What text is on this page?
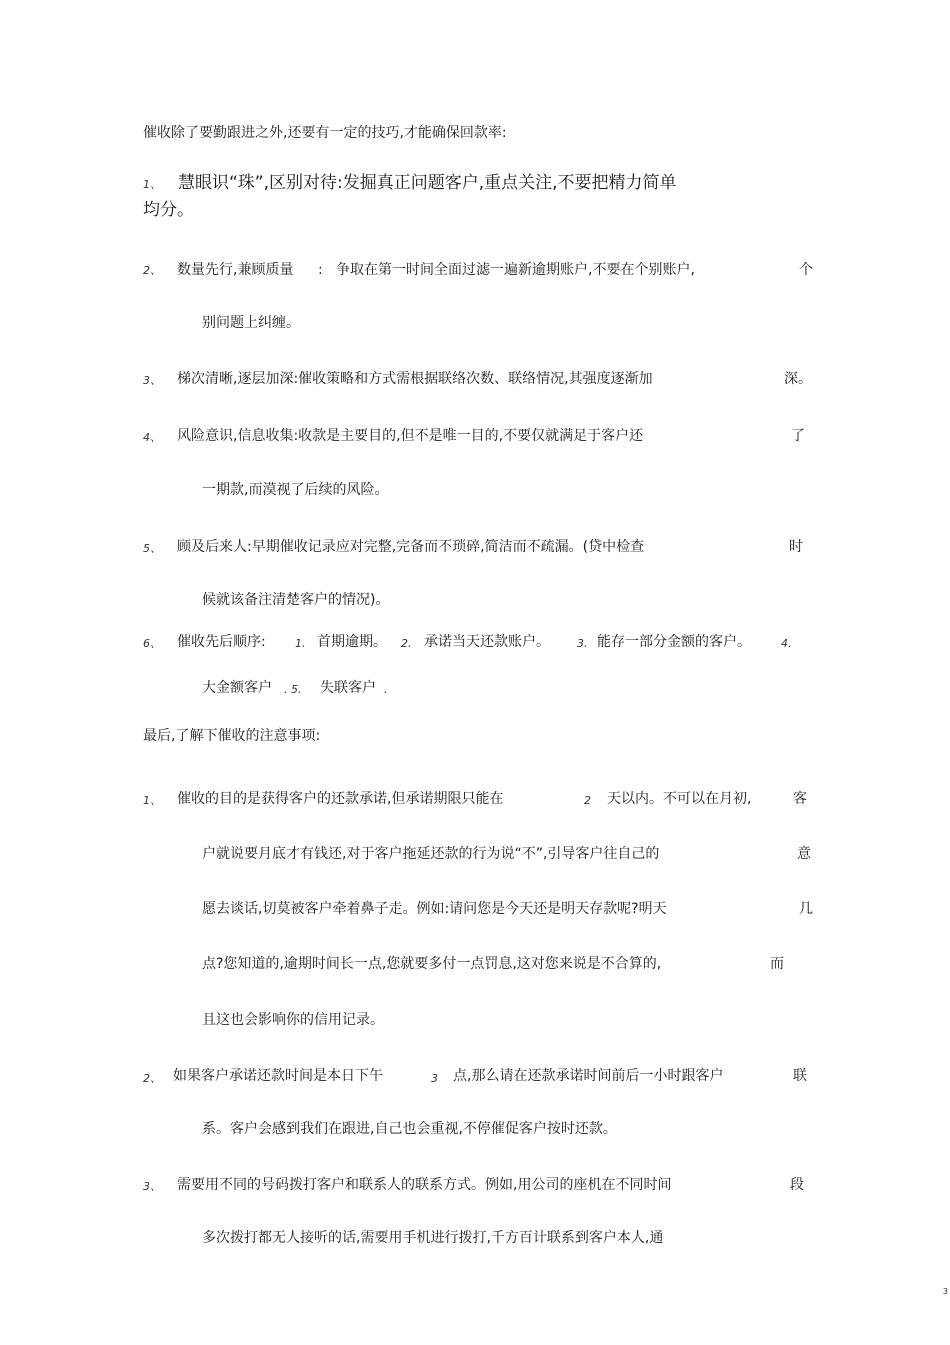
催收除了要勤跟进之外,还要有一定的技巧,才能确保回款率:
1、 慧眼识“珠”,区别对待:发掘真正问题客户,重点关注,不要把精力简单
均分。
2、 数量先行,兼顾质量 : 争取在第一时间全面过滤一遍新逾期账户,不要在个别账户,	个
别问题上纠缠。
3、 梯次清晰,逐层加深:催收策略和方式需根据联络次数、联络情况,其强度逐渐加	深。
4、 风险意识,信息收集:收款是主要目的,但不是唯一目的,不要仅就满足于客户还	了
一期款,而漠视了后续的风险。
5、 顾及后来人:早期催收记录应对完整,完备而不琐碎,简洁而不疏漏。(贷中检查	时
候就该备注清楚客户的情况)。
6、 催收先后顺序:	1. 首期逾期。 2. 承诺当天还款账户。 3. 能存一部分金额的客户。	4.
大金额客户 . 5. 失联客户 .
最后,了解下催收的注意事项:
1、 催收的目的是获得客户的还款承诺,但承诺期限只能在	2 天以内。不可以在月初,	客
户就说要月底才有钱还,对于客户拖延还款的行为说“不”,引导客户往自己的	意
愿去谈话,切莫被客户牵着鼻子走。例如:请问您是今天还是明天存款呢?明天	几
点?您知道的,逾期时间长一点,您就要多付一点罚息,这对您来说是不合算的,	而
且这也会影响你的信用记录。
2、 如果客户承诺还款时间是本日下午	3 点,那么请在还款承诺时间前后一小时跟客户	联
系。客户会感到我们在跟进,自己也会重视,不停催促客户按时还款。
3、 需要用不同的号码拨打客户和联系人的联系方式。例如,用公司的座机在不同时间	段
多次拨打都无人接听的话,需要用手机进行拨打,千方百计联系到客户本人,通
3
